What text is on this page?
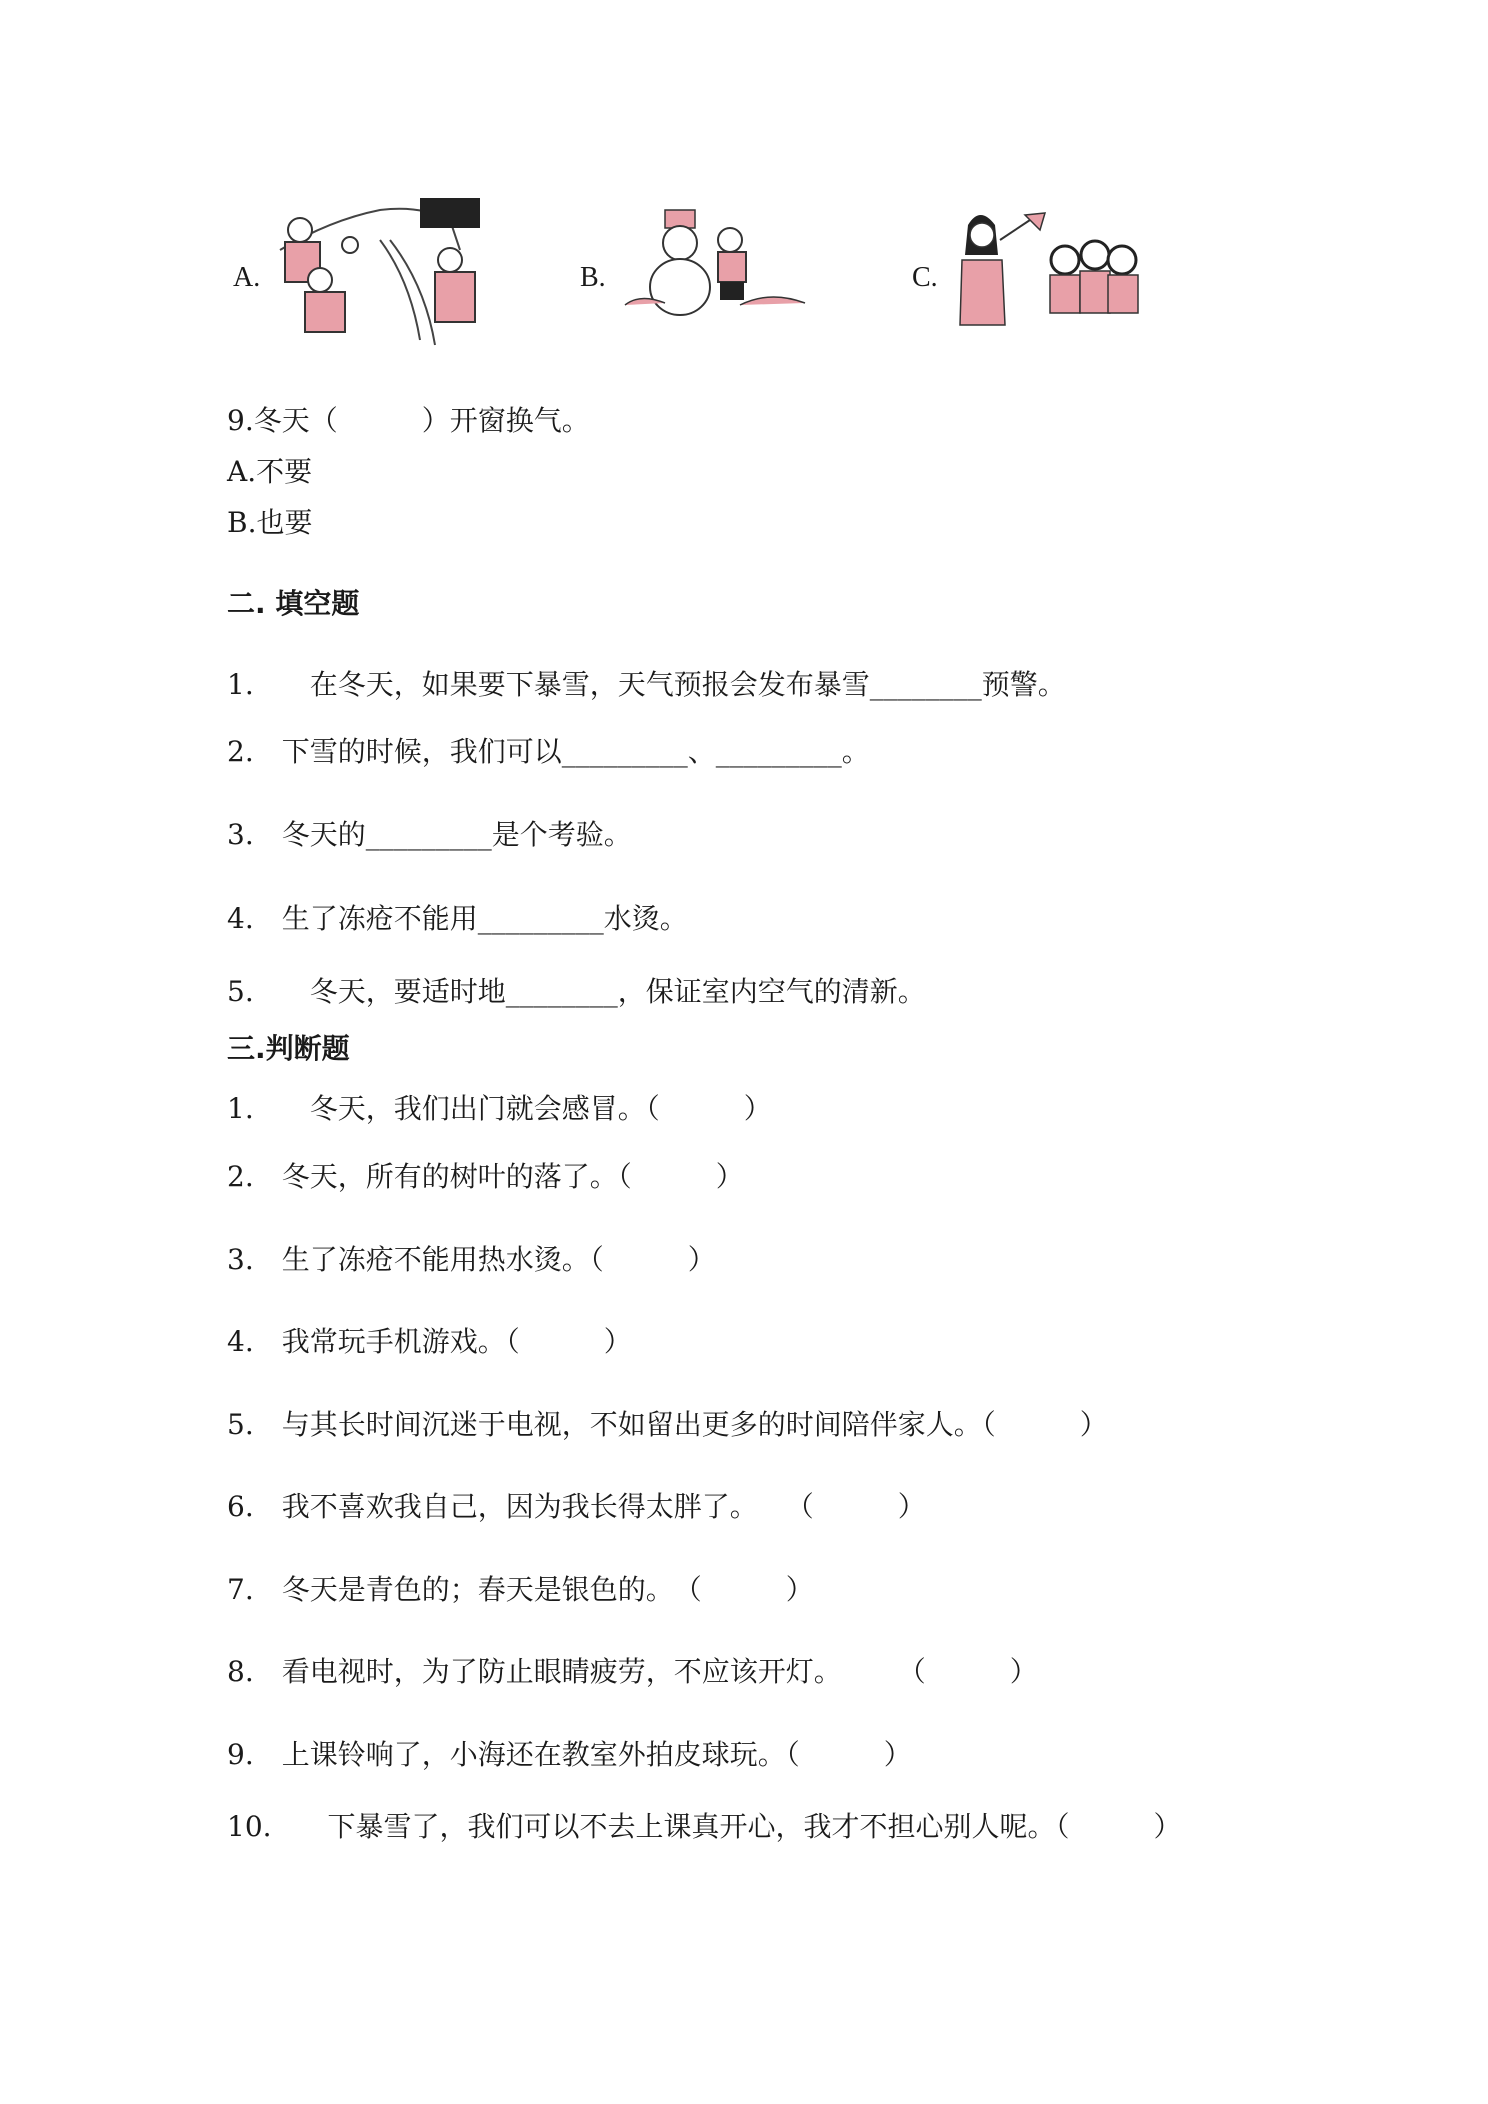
A.	B.	C.
9.冬天（　　　）开窗换气。
A.不要
B.也要
二. 填空题
1.　　在冬天，如果要下暴雪，天气预报会发布暴雪________预警。
2.　下雪的时候，我们可以_________、_________。
3.　冬天的_________是个考验。
4.　生了冻疮不能用_________水烫。
5.　　冬天，要适时地________，保证室内空气的清新。
三.判断题
1.　　冬天，我们出门就会感冒。（　　　）
2.　冬天，所有的树叶的落了。（　　　）
3.　生了冻疮不能用热水烫。（　　　）
4.　我常玩手机游戏。（　　　）
5.　与其长时间沉迷于电视，不如留出更多的时间陪伴家人。（　　　）
6.　我不喜欢我自己，因为我长得太胖了。　　（　　　）
7.　冬天是青色的；春天是银色的。　（　　　）
8.　看电视时，为了防止眼睛疲劳，不应该开灯。　　　（　　　）
9.　上课铃响了，小海还在教室外拍皮球玩。（　　　）
10.　　下暴雪了，我们可以不去上课真开心，我才不担心别人呢。（　　　）
